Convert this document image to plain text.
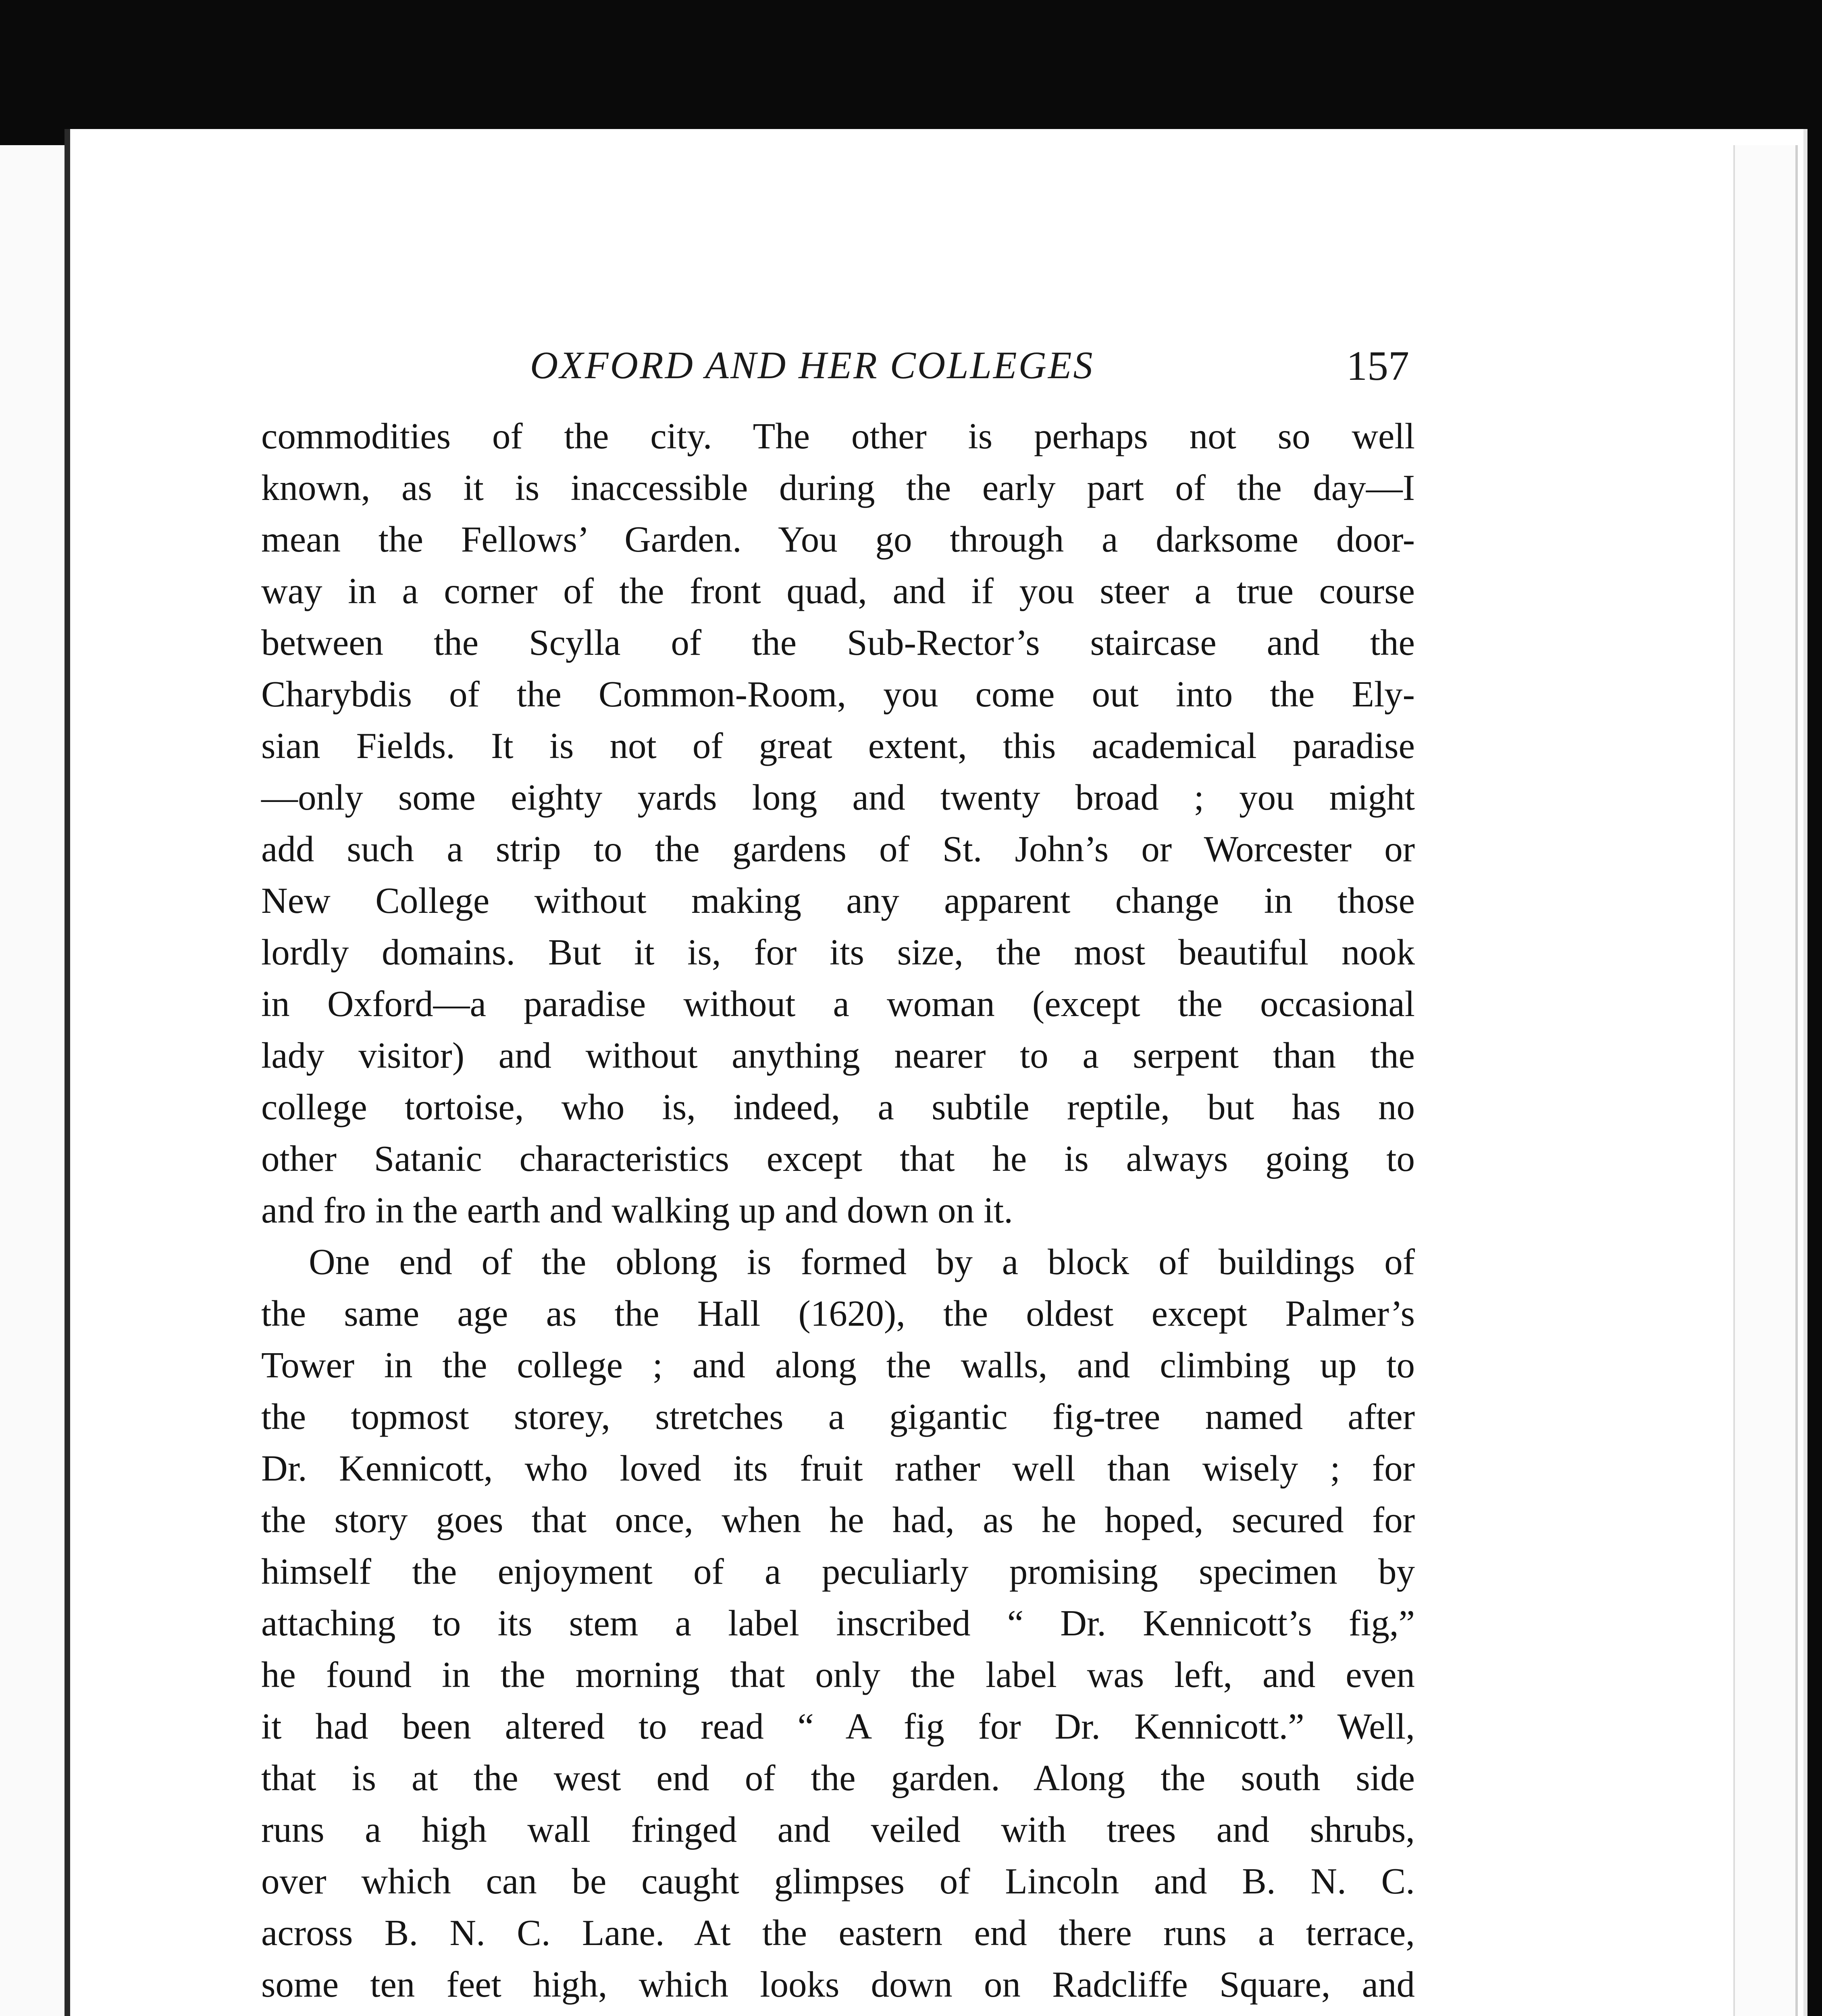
OXFORD AND HER COLLEGES	157
commodities of the city. The other is perhaps not so well
known, as it is inaccessible during the early part of the day—I
mean the Fellows’ Garden. You go through a darksome door-
way in a corner of the front quad, and if you steer a true course
between the Scylla of the Sub-Rector’s staircase and the
Charybdis of the Common-Room, you come out into the Ely-
sian Fields. It is not of great extent, this academical paradise
—only some eighty yards long and twenty broad ; you might
add such a strip to the gardens of St. John’s or Worcester or
New College without making any apparent change in those
lordly domains. But it is, for its size, the most beautiful nook
in Oxford—a paradise without a woman (except the occasional
lady visitor) and without anything nearer to a serpent than the
college tortoise, who is, indeed, a subtile reptile, but has no
other Satanic characteristics except that he is always going to
and fro in the earth and walking up and down on it.
One end of the oblong is formed by a block of buildings of
the same age as the Hall (1620), the oldest except Palmer’s
Tower in the college ; and along the walls, and climbing up to
the topmost storey, stretches a gigantic fig-tree named after
Dr. Kennicott, who loved its fruit rather well than wisely ; for
the story goes that once, when he had, as he hoped, secured for
himself the enjoyment of a peculiarly promising specimen by
attaching to its stem a label inscribed “ Dr. Kennicott’s fig,”
he found in the morning that only the label was left, and even
it had been altered to read “ A fig for Dr. Kennicott.” Well,
that is at the west end of the garden. Along the south side
runs a high wall fringed and veiled with trees and shrubs,
over which can be caught glimpses of Lincoln and B. N. C.
across B. N. C. Lane. At the eastern end there runs a terrace,
some ten feet high, which looks down on Radcliffe Square, and
